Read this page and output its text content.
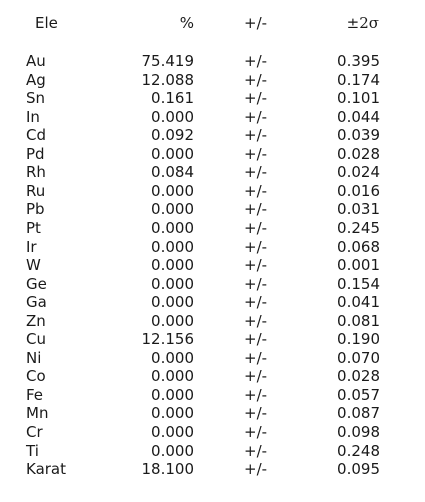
Ele	%	+/-	±2σ
Au	75.419	+/-	0.395
Ag	12.088	+/-	0.174
Sn	0.161	+/-	0.101
In	0.000	+/-	0.044
Cd	0.092	+/-	0.039
Pd	0.000	+/-	0.028
Rh	0.084	+/-	0.024
Ru	0.000	+/-	0.016
Pb	0.000	+/-	0.031
Pt	0.000	+/-	0.245
Ir	0.000	+/-	0.068
W	0.000	+/-	0.001
Ge	0.000	+/-	0.154
Ga	0.000	+/-	0.041
Zn	0.000	+/-	0.081
Cu	12.156	+/-	0.190
Ni	0.000	+/-	0.070
Co	0.000	+/-	0.028
Fe	0.000	+/-	0.057
Mn	0.000	+/-	0.087
Cr	0.000	+/-	0.098
Ti	0.000	+/-	0.248
Karat	18.100	+/-	0.095
